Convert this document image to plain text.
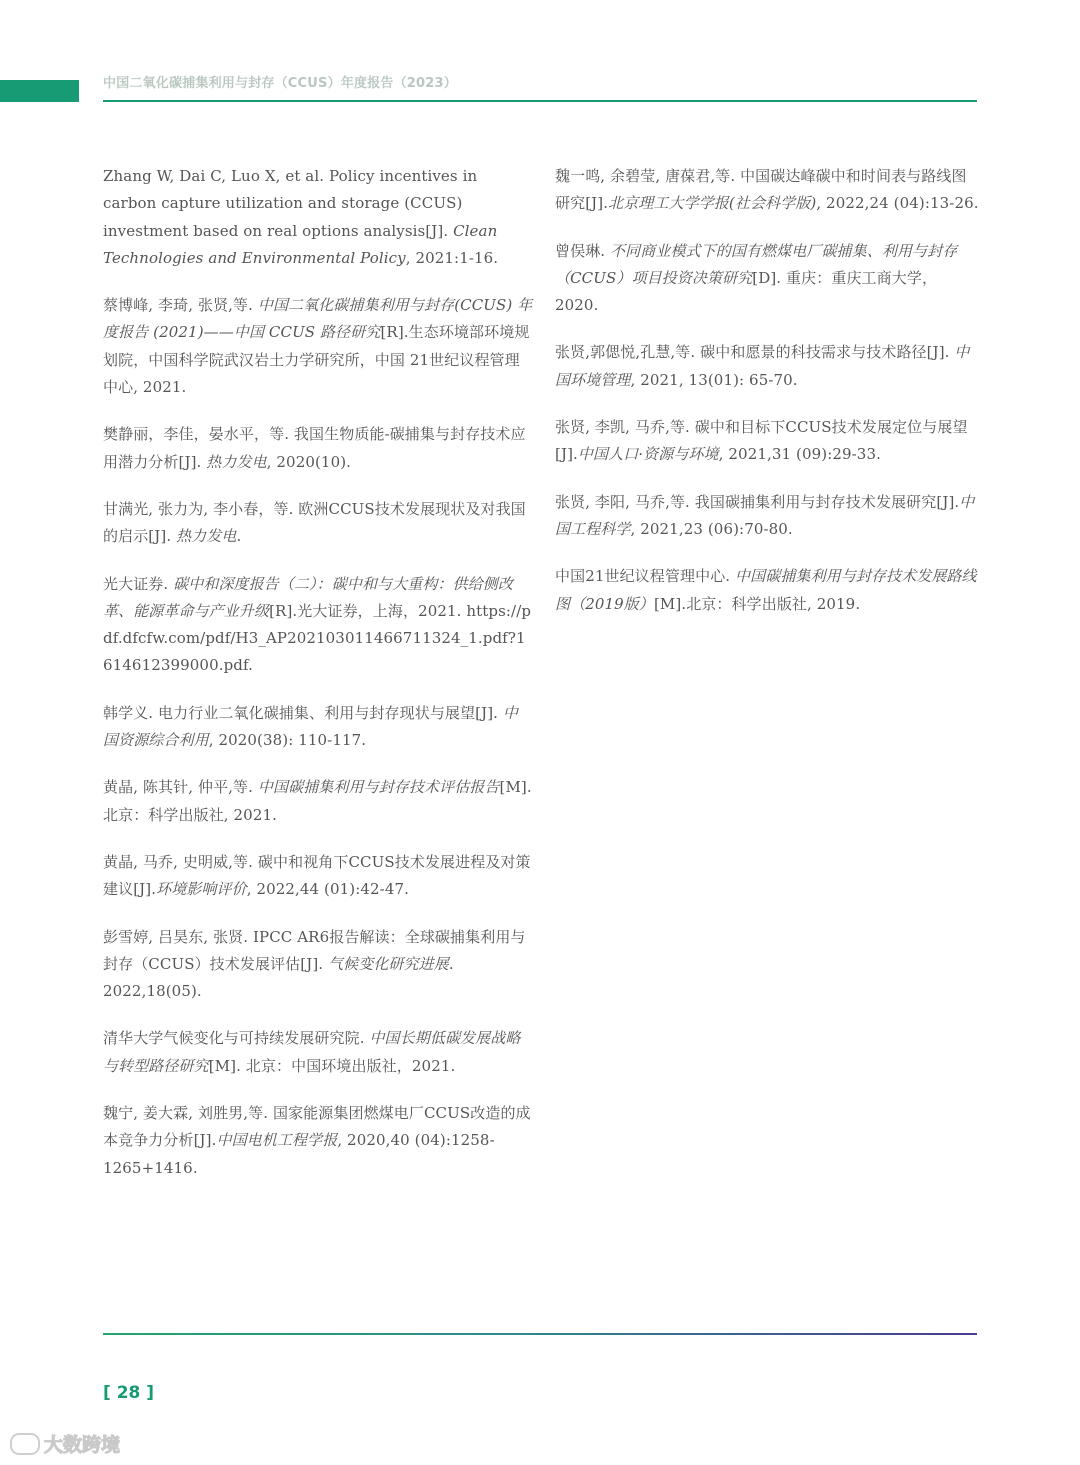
中国二氧化碳捕集利用与封存（CCUS）年度报告（2023）

Zhang W, Dai C, Luo X, et al. Policy incentives in carbon capture utilization and storage (CCUS) investment based on real options analysis[J]. Clean Technologies and Environmental Policy, 2021:1-16.

蔡博峰, 李琦, 张贤,等. 中国二氧化碳捕集利用与封存(CCUS) 年度报告 (2021)——中国 CCUS 路径研究[R].生态环境部环境规划院，中国科学院武汉岩土力学研究所，中国 21世纪议程管理中心, 2021.

樊静丽，李佳，晏水平，等. 我国生物质能-碳捕集与封存技术应用潜力分析[J]. 热力发电, 2020(10).

甘满光, 张力为, 李小春，等. 欧洲CCUS技术发展现状及对我国的启示[J]. 热力发电.

光大证券. 碳中和深度报告（二）：碳中和与大重构：供给侧改革、能源革命与产业升级[R].光大证券，上海，2021. https://pdf.dfcfw.com/pdf/H3_AP202103011466711324_1.pdf?1614612399000.pdf.

韩学义. 电力行业二氧化碳捕集、利用与封存现状与展望[J]. 中国资源综合利用, 2020(38): 110-117.

黄晶, 陈其针, 仲平,等. 中国碳捕集利用与封存技术评估报告[M].北京：科学出版社, 2021.

黄晶, 马乔, 史明威,等. 碳中和视角下CCUS技术发展进程及对策建议[J].环境影响评价, 2022,44 (01):42-47.

彭雪婷, 吕昊东, 张贤. IPCC AR6报告解读：全球碳捕集利用与封存（CCUS）技术发展评估[J]. 气候变化研究进展. 2022,18(05).

清华大学气候变化与可持续发展研究院. 中国长期低碳发展战略与转型路径研究[M]. 北京：中国环境出版社，2021.

魏宁, 姜大霖, 刘胜男,等. 国家能源集团燃煤电厂CCUS改造的成本竞争力分析[J].中国电机工程学报, 2020,40 (04):1258-1265+1416.

魏一鸣, 余碧莹, 唐葆君,等. 中国碳达峰碳中和时间表与路线图研究[J].北京理工大学学报(社会科学版), 2022,24 (04):13-26.

曾俣琳. 不同商业模式下的国有燃煤电厂碳捕集、利用与封存（CCUS）项目投资决策研究[D]. 重庆：重庆工商大学，2020.

张贤,郭偲悦,孔慧,等. 碳中和愿景的科技需求与技术路径[J]. 中国环境管理, 2021, 13(01): 65-70.

张贤, 李凯, 马乔,等. 碳中和目标下CCUS技术发展定位与展望[J].中国人口·资源与环境, 2021,31 (09):29-33.

张贤, 李阳, 马乔,等. 我国碳捕集利用与封存技术发展研究[J].中国工程科学, 2021,23 (06):70-80.

中国21世纪议程管理中心. 中国碳捕集利用与封存技术发展路线图（2019版）[M].北京：科学出版社, 2019.

[ 28 ]
大数跨境
